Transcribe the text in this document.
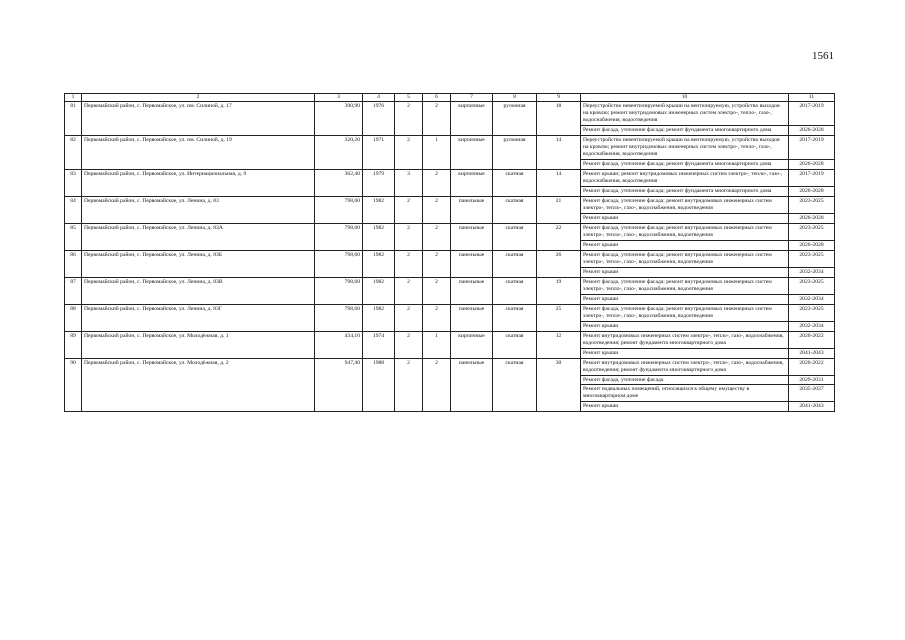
1561
1	2	3	4	5	6	7	8	9	10	11
81	Первомайский район, с. Первомайское, ул. им. Силиной, д. 17	390,90	1976	2	2	кирпичные	рулонная	18	Переустройство невентилируемой крыши на вентилируемую, устройство выходов на кровлю; ремонт внутридомовых инженерных систем электро-, тепло-, газо-, водоснабжения, водоотведения	2017-2019
									Ремонт фасада, утепление фасада; ремонт фундамента многоквартирного дома	2026-2028
82	Первомайский район, с. Первомайское, ул. им. Силиной, д. 19	320,20	1971	2	1	кирпичные	рулонная	14	Переустройство невентилируемой крыши на вентилируемую, устройство выходов на кровлю; ремонт внутридомовых инженерных систем электро-, тепло-, газо-, водоснабжения, водоотведения	2017-2019
									Ремонт фасада, утепление фасада; ремонт фундамента многоквартирного дома	2026-2028
83	Первомайский район, с. Первомайское, ул. Интернациональная, д. 9	362,40	1979	3	2	кирпичные	скатная	14	Ремонт крыши; ремонт внутридомовых инженерных систем электро-, тепло-, газо-, водоснабжения, водоотведения	2017-2019
									Ремонт фасада, утепление фасада; ремонт фундамента многоквартирного дома	2026-2028
84	Первомайский район, с. Первомайское, ул. Ленина, д. 83	798,60	1982	2	2	панельные	скатная	21	Ремонт фасада, утепление фасада; ремонт внутридомовых инженерных систем электро-, тепло-, газо-, водоснабжения, водоотведения	2023-2025
									Ремонт крыши	2026-2028
85	Первомайский район, с. Первомайское, ул. Ленина, д. 83А	798,60	1982	2	2	панельные	скатная	22	Ремонт фасада, утепление фасада; ремонт внутридомовых инженерных систем электро-, тепло-, газо-, водоснабжения, водоотведения	2023-2025
									Ремонт крыши	2026-2028
86	Первомайский район, с. Первомайское, ул. Ленина, д. 83Б	798,60	1982	2	2	панельные	скатная	26	Ремонт фасада, утепление фасада; ремонт внутридомовых инженерных систем электро-, тепло-, газо-, водоснабжения, водоотведения	2023-2025
									Ремонт крыши	2032-2034
87	Первомайский район, с. Первомайское, ул. Ленина, д. 83В	798,60	1982	2	2	панельные	скатная	19	Ремонт фасада, утепление фасада; ремонт внутридомовых инженерных систем электро-, тепло-, газо-, водоснабжения, водоотведения	2023-2025
									Ремонт крыши	2032-2034
88	Первомайский район, с. Первомайское, ул. Ленина, д. 83Г	798,60	1982	2	2	панельные	скатная	25	Ремонт фасада, утепление фасада; ремонт внутридомовых инженерных систем электро-, тепло-, газо-, водоснабжения, водоотведения	2023-2025
									Ремонт крыши	2032-2034
89	Первомайский район, с. Первомайское, ул. Молодёжная, д. 1	434,10	1974	2	1	кирпичные	скатная	12	Ремонт внутридомовых инженерных систем электро-, тепло-, газо-, водоснабжения, водоотведения; ремонт фундамента многоквартирного дома	2020-2022
									Ремонт крыши	2041-2043
90	Первомайский район, с. Первомайское, ул. Молодёжная, д. 2	947,40	1988	2	2	панельные	скатная	30	Ремонт внутридомовых инженерных систем электро-, тепло-, газо-, водоснабжения, водоотведения; ремонт фундамента многоквартирного дома	2020-2022
									Ремонт фасада, утепление фасада	2029-2031
									Ремонт подвальных помещений, относящихся к общему имуществу в многоквартирном доме	2035-2037
									Ремонт крыши	2041-2043
